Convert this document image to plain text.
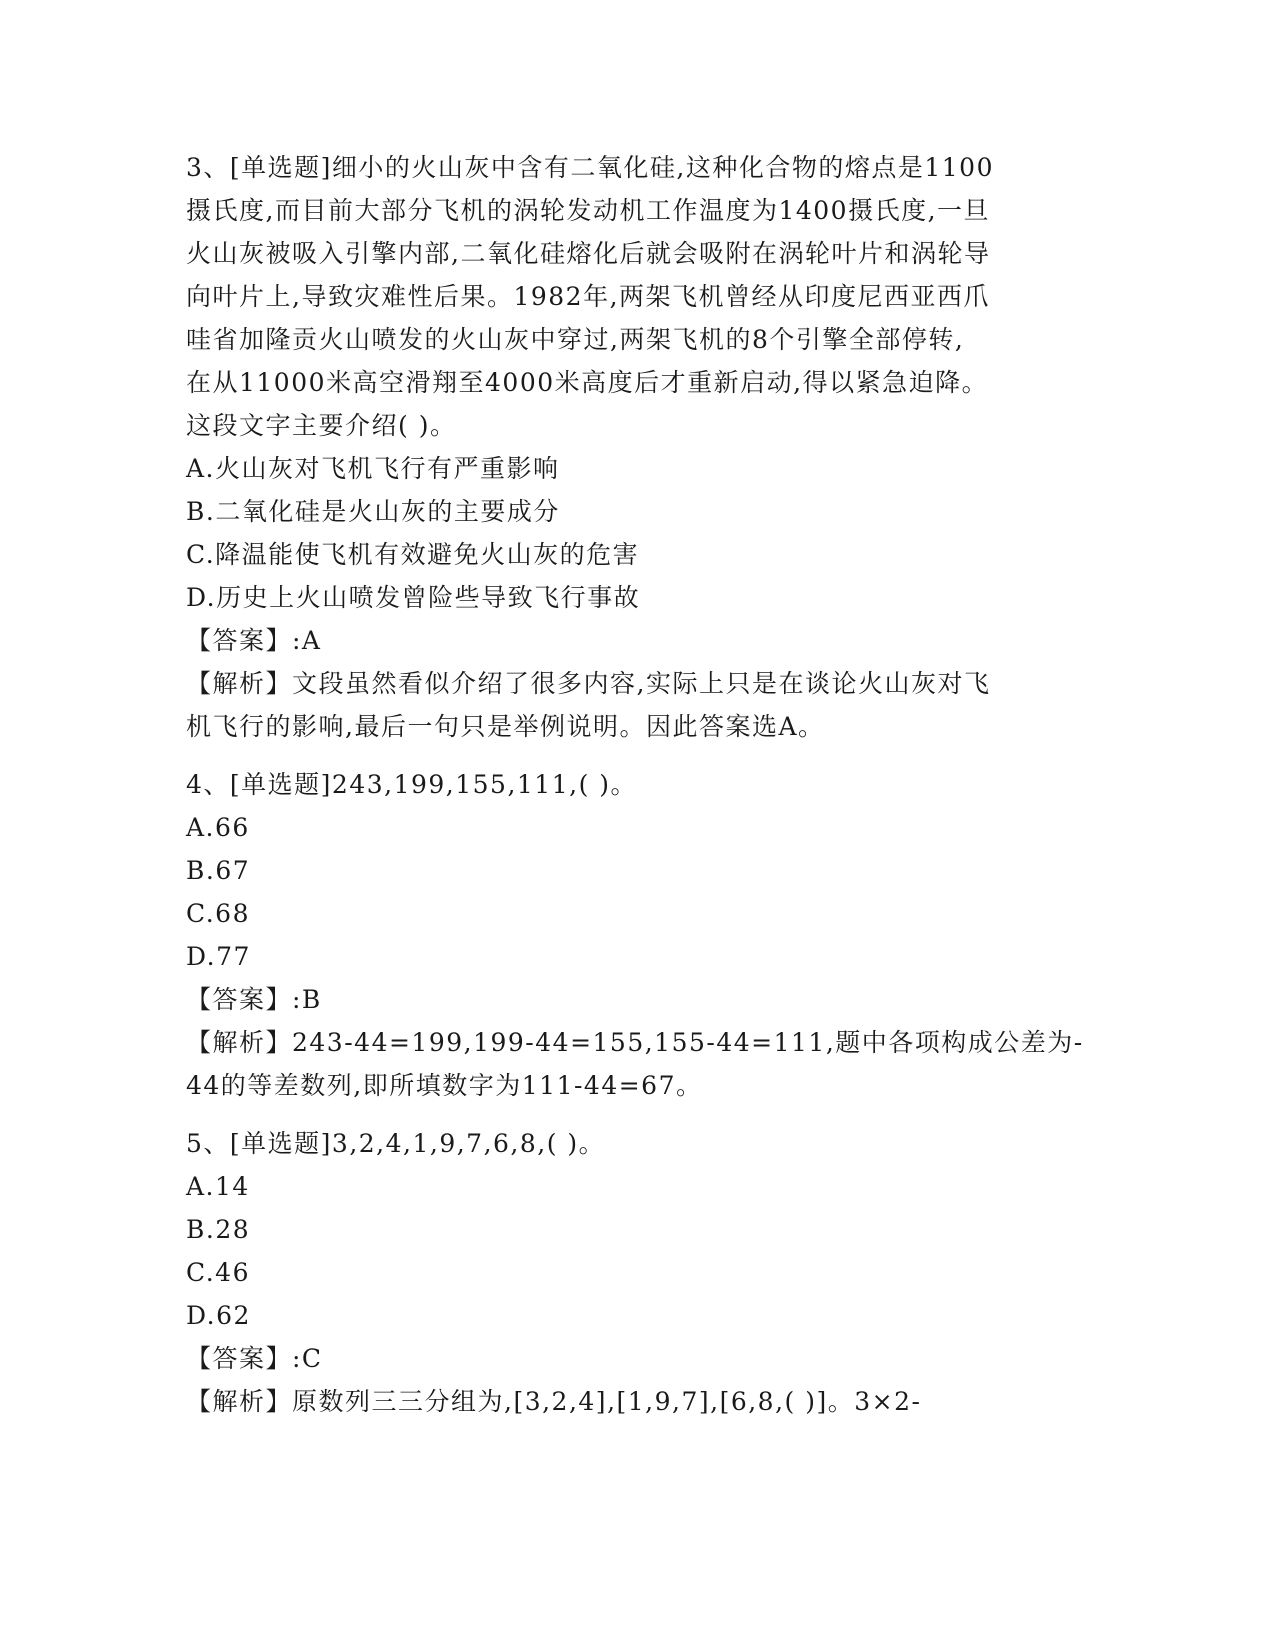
3、[单选题]细小的火山灰中含有二氧化硅,这种化合物的熔点是1100
摄氏度,而目前大部分飞机的涡轮发动机工作温度为1400摄氏度,一旦
火山灰被吸入引擎内部,二氧化硅熔化后就会吸附在涡轮叶片和涡轮导
向叶片上,导致灾难性后果。1982年,两架飞机曾经从印度尼西亚西爪
哇省加隆贡火山喷发的火山灰中穿过,两架飞机的8个引擎全部停转,
在从11000米高空滑翔至4000米高度后才重新启动,得以紧急迫降。
这段文字主要介绍( )。
A.火山灰对飞机飞行有严重影响
B.二氧化硅是火山灰的主要成分
C.降温能使飞机有效避免火山灰的危害
D.历史上火山喷发曾险些导致飞行事故
【答案】:A
【解析】文段虽然看似介绍了很多内容,实际上只是在谈论火山灰对飞
机飞行的影响,最后一句只是举例说明。因此答案选A。
4、[单选题]243,199,155,111,( )。
A.66
B.67
C.68
D.77
【答案】:B
【解析】243-44=199,199-44=155,155-44=111,题中各项构成公差为-
44的等差数列,即所填数字为111-44=67。
5、[单选题]3,2,4,1,9,7,6,8,( )。
A.14
B.28
C.46
D.62
【答案】:C
【解析】原数列三三分组为,[3,2,4],[1,9,7],[6,8,( )]。3×2-
